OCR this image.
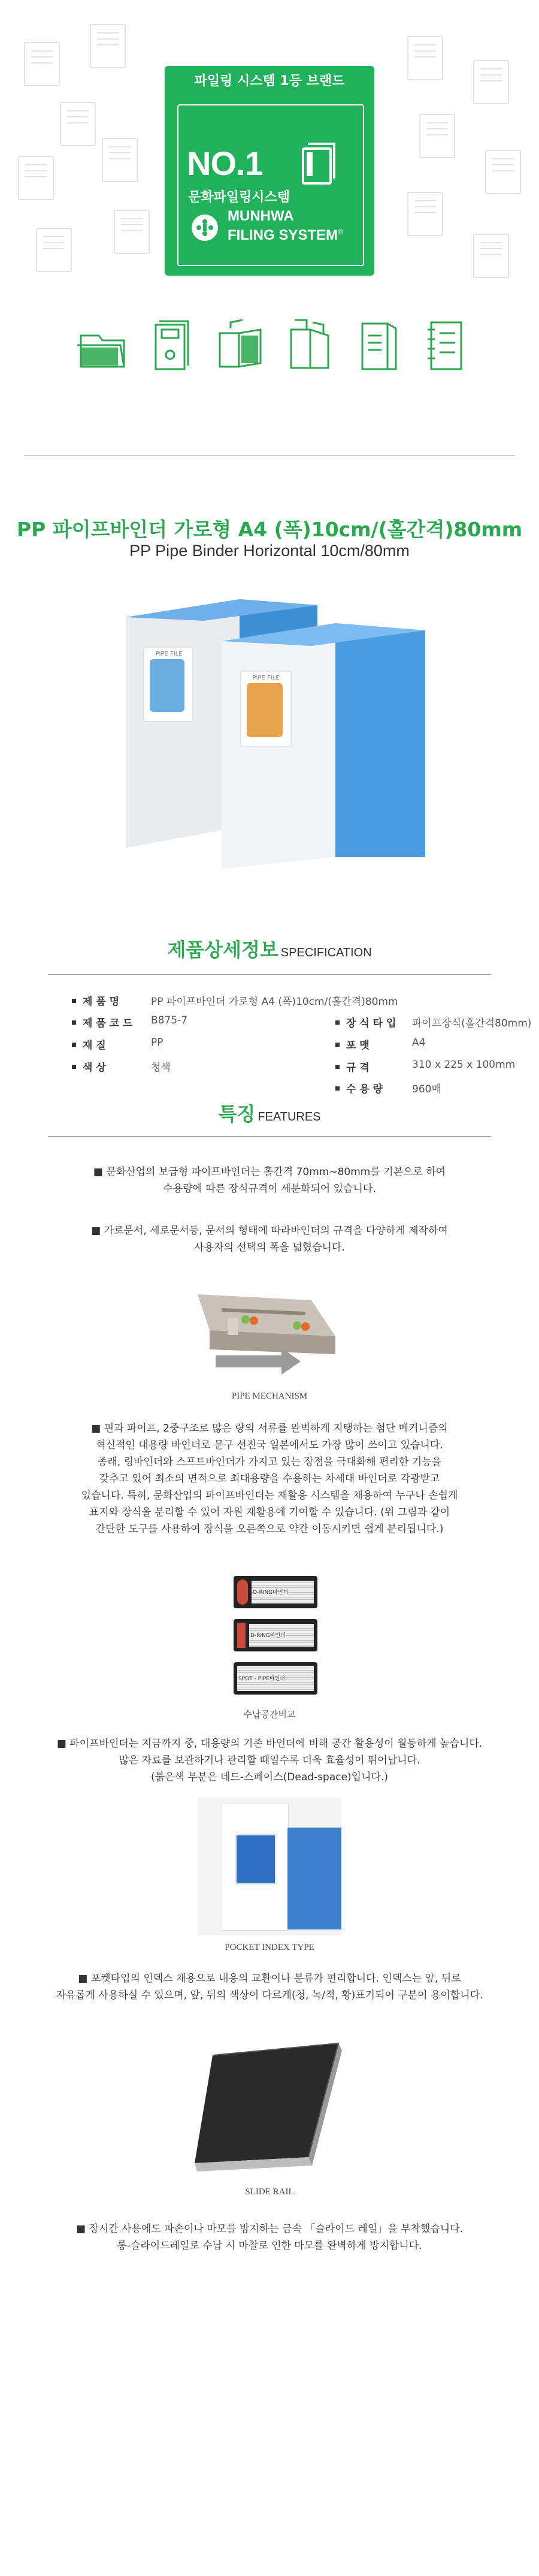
파일링 시스템 1등 브랜드
NO.1
문화파일링시스템
MUNHWA
FILING SYSTEM®
PP 파이프바인더 가로형 A4 (폭)10cm/(홀간격)80mm
PP Pipe Binder Horizontal 10cm/80mm
PIPE FILE
PIPE FILE
제품상세정보 SPECIFICATION
제 품 명	PP 파이프바인더 가로형 A4 (폭)10cm/(홀간격)80mm
제 품 코 드 B875-7
재 질	PP
색 상	청색
장 식 타 입 파이프장식(홀간격80mm)
포 맷	A4
규 격	310 x 225 x 100mm
수 용 량	960매
특징 FEATURES
■ 문화산업의 보급형 파이프바인더는 홀간격 70mm~80mm를 기본으로 하여
수용량에 따른 장식규격이 세분화되어 있습니다.
■ 가로문서, 세로문서등, 문서의 형태에 따라바인더의 규격을 다양하게 제작하여
사용자의 선택의 폭을 넓혔습니다.
PIPE MECHANISM
■ 핀과 파이프, 2중구조로 많은 량의 서류를 완벽하게 지탱하는 첨단 메커니즘의
혁신적인 대용량 바인더로 문구 선진국 일본에서도 가장 많이 쓰이고 있습니다.
종래, 링바인더와 스프트바인더가 가지고 있는 장점을 극대화해 편리한 기능을
갖추고 있어 최소의 면적으로 최대용량을 수용하는 차세대 바인더로 각광받고
있습니다. 특히, 문화산업의 파이프바인더는 재활용 시스템을 채용하여 누구나 손쉽게
표지와 장식을 분리할 수 있어 자원 재활용에 기여할 수 있습니다. (위 그림과 같이
간단한 도구를 사용하여 장식을 오른쪽으로 약간 이동시키면 쉽게 분리됩니다.)
O-RING바인더
D-RING바인더
SPOT - PIPE바인더
수납공간비교
■ 파이프바인더는 지금까지 중, 대용량의 기존 바인더에 비해 공간 활용성이 월등하게 높습니다.
많은 자료를 보관하거나 관리할 때일수록 더욱 효율성이 뛰어납니다.
(붉은색 부분은 데드-스페이스(Dead-space)입니다.)
POCKET INDEX TYPE
■ 포켓타입의 인덱스 채용으로 내용의 교환이나 분류가 편리합니다. 인덱스는 앞, 뒤로
자유롭게 사용하실 수 있으며, 앞, 뒤의 색상이 다르게(청, 녹/적, 황)표기되어 구분이 용이합니다.
SLIDE RAIL
■ 장시간 사용에도 파손이나 마모를 방지하는 금속 「슬라이드 레일」을 부착했습니다.
롱-슬라이드레일로 수납 시 마찰로 인한 마모를 완벽하게 방지합니다.
